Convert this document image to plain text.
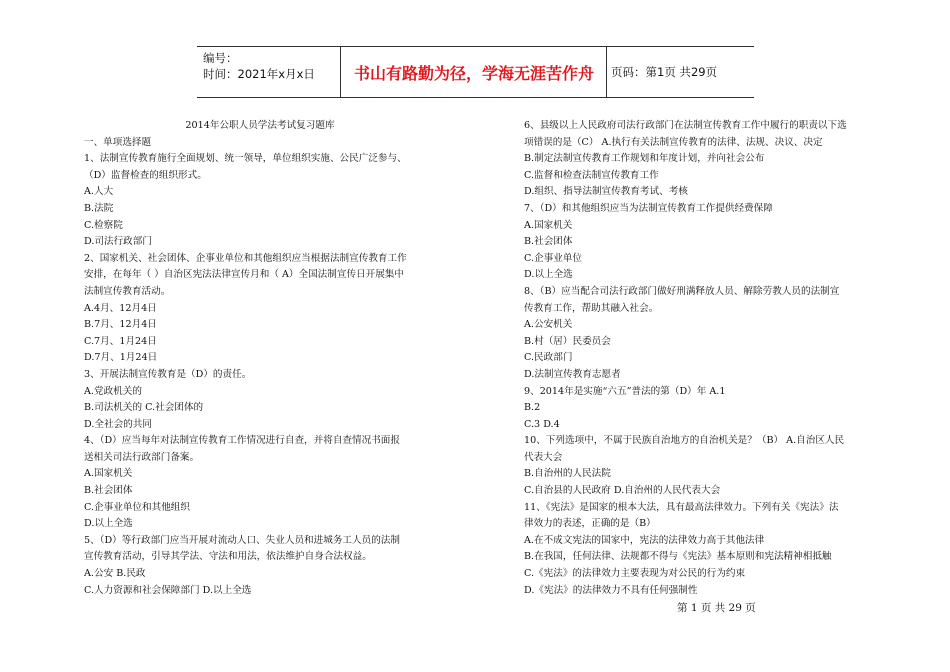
编号：
时间：2021年x月x日	书山有路勤为径，学海无涯苦作舟	页码：第1页 共29页
2014年公职人员学法考试复习题库
一、单项选择题
1、法制宣传教育施行全面规划、统一领导，单位组织实施、公民广泛参与、
（D）监督检查的组织形式。
A.人大
B.法院
C.检察院
D.司法行政部门
2、国家机关、社会团体、企事业单位和其他组织应当根据法制宣传教育工作
安排，在每年（ ）自治区宪法法律宣传月和（ A）全国法制宣传日开展集中
法制宣传教育活动。
A.4月、12月4日
B.7月、12月4日
C.7月、1月24日
D.7月、1月24日
3、开展法制宣传教育是（D）的责任。
A.党政机关的
B.司法机关的 C.社会团体的
D.全社会的共同
4、（D）应当每年对法制宣传教育工作情况进行自查，并将自查情况书面报
送相关司法行政部门备案。
A.国家机关
B.社会团体
C.企事业单位和其他组织
D.以上全选
5、（D）等行政部门应当开展对流动人口、失业人员和进城务工人员的法制
宣传教育活动，引导其学法、守法和用法，依法维护自身合法权益。
A.公安 B.民政
C.人力资源和社会保障部门 D.以上全选
6、县级以上人民政府司法行政部门在法制宣传教育工作中履行的职责以下选
项错误的是（C） A.执行有关法制宣传教育的法律、法规、决议、决定
B.制定法制宣传教育工作规划和年度计划，并向社会公布
C.监督和检查法制宣传教育工作
D.组织、指导法制宣传教育考试、考核
7、（D）和其他组织应当为法制宣传教育工作提供经费保障
A.国家机关
B.社会团体
C.企事业单位
D.以上全选
8、（B）应当配合司法行政部门做好刑满释放人员、解除劳教人员的法制宣
传教育工作，帮助其融入社会。
A.公安机关
B.村（居）民委员会
C.民政部门
D.法制宣传教育志愿者
9、2014年是实施“六五”普法的第（D）年 A.1
B.2
C.3 D.4
10、下列选项中，不属于民族自治地方的自治机关是？（B） A.自治区人民
代表大会
B.自治州的人民法院
C.自治县的人民政府 D.自治州的人民代表大会
11、《宪法》是国家的根本大法，具有最高法律效力。下列有关《宪法》法
律效力的表述，正确的是（B）
A.在不成文宪法的国家中，宪法的法律效力高于其他法律
B.在我国，任何法律、法规都不得与《宪法》基本原则和宪法精神相抵触
C.《宪法》的法律效力主要表现为对公民的行为约束
D.《宪法》的法律效力不具有任何强制性
第 1 页 共 29 页
